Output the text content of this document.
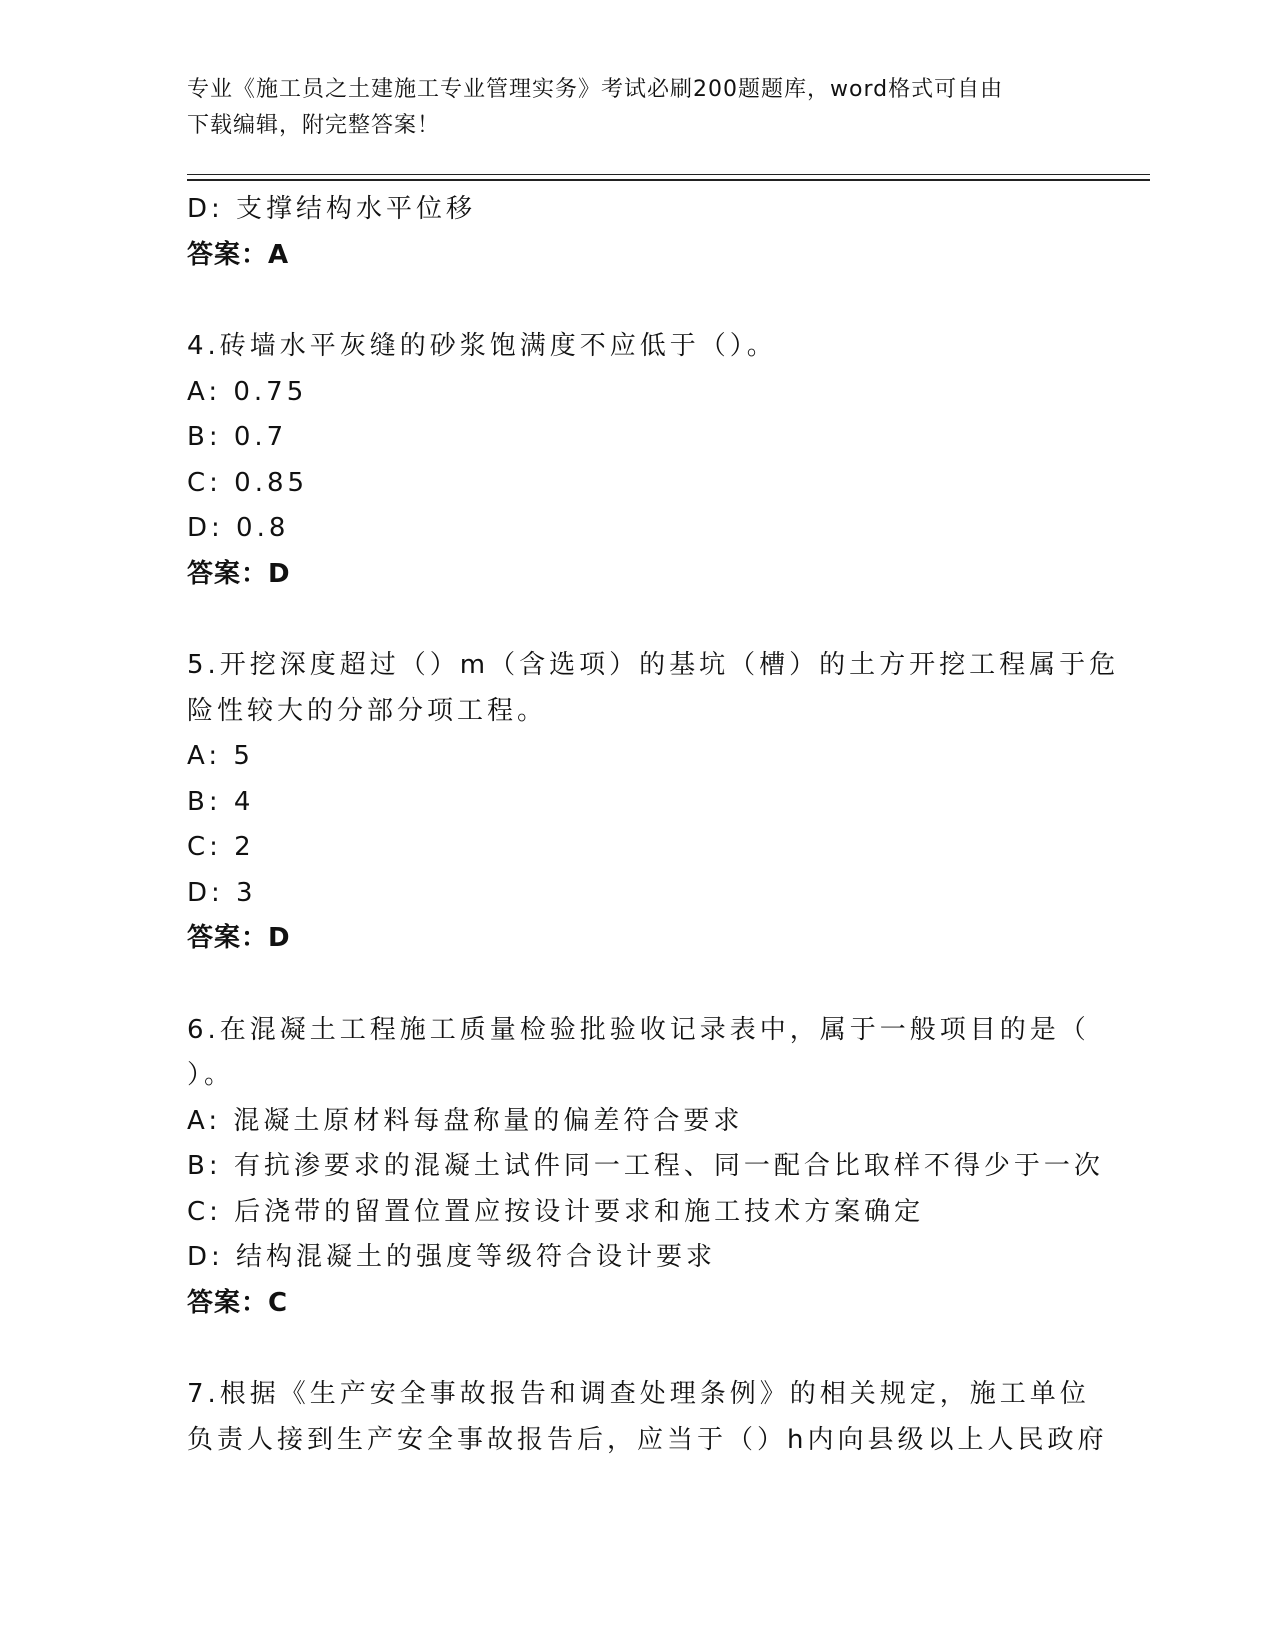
专业《施工员之土建施工专业管理实务》考试必刷200题题库，word格式可自由
下载编辑，附完整答案！
D: 支撑结构水平位移
答案：A
4.砖墙水平灰缝的砂浆饱满度不应低于（）。
A: 0.75
B: 0.7
C: 0.85
D: 0.8
答案：D
5.开挖深度超过（）m（含选项）的基坑（槽）的土方开挖工程属于危
险性较大的分部分项工程。
A: 5
B: 4
C: 2
D: 3
答案：D
6.在混凝土工程施工质量检验批验收记录表中，属于一般项目的是（
）。
A: 混凝土原材料每盘称量的偏差符合要求
B: 有抗渗要求的混凝土试件同一工程、同一配合比取样不得少于一次
C: 后浇带的留置位置应按设计要求和施工技术方案确定
D: 结构混凝土的强度等级符合设计要求
答案：C
7.根据《生产安全事故报告和调查处理条例》的相关规定，施工单位
负责人接到生产安全事故报告后，应当于（）h内向县级以上人民政府
